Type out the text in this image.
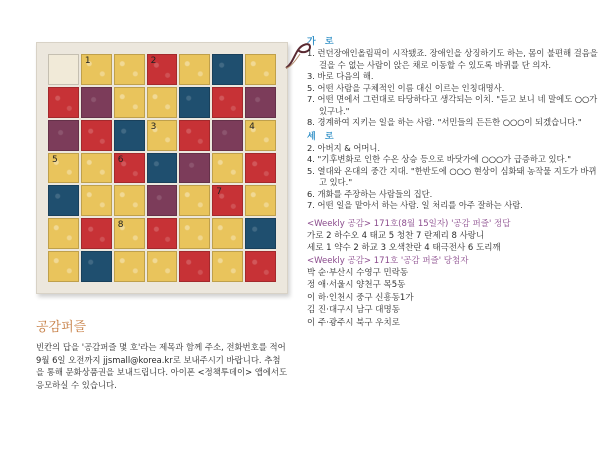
1	2
3	4
5	6
7
8

가 로

1. 런던장애인올림픽이 시작됐죠. 장애인을 상징하기도 하는, 몸이 불편해 걸음을 걸을 수 없는 사람이 앉은 채로 이동할 수 있도록 바퀴를 단 의자.

3. 바로 다음의 해.

5. 어떤 사람을 구체적인 이름 대신 이르는 인칭대명사.

7. 어떤 면에서 그런대로 타당하다고 생각되는 이치. "듣고 보니 네 말에도 ○○가 있구나."

8. 경계하여 지키는 일을 하는 사람. "서민들의 든든한 ○○○이 되겠습니다."

세 로

2. 아버지 & 어머니.

4. "기후변화로 인한 수온 상승 등으로 바닷가에 ○○○가 급증하고 있다."

5. 열대와 온대의 중간 지대. "한반도에 ○○○ 현상이 심화돼 농작물 지도가 바뀌고 있다."

6. 개화를 주장하는 사람들의 집단.

7. 어떤 일을 맡아서 하는 사람. 일 처리를 아주 잘하는 사람.

<Weekly 공감> 171호(8월 15일자) '공감 퍼즐' 정답

가로 2 하수오 4 태교 5 청찬 7 란제리 8 사랑니

세로 1 약수 2 하교 3 오색찬란 4 태극전사 6 도리깨

<Weekly 공감> 171호 '공감 퍼즐' 당첨자

박 순·부산시 수영구 민락동

정 애·서울시 양천구 목5동

이 하·인천시 중구 신흥동1가

김 진·대구시 남구 대명동

이 주·광주시 북구 우치로

공감퍼즐

빈칸의 답을 '공감퍼즐 몇 호'라는 제목과 함께 주소, 전화번호를 적어 9월 6일 오전까지 jjsmall@korea.kr로 보내주시기 바랍니다. 추첨을 통해 문화상품권을 보내드립니다. 아이폰 <정책투데이> 앱에서도 응모하실 수 있습니다.
